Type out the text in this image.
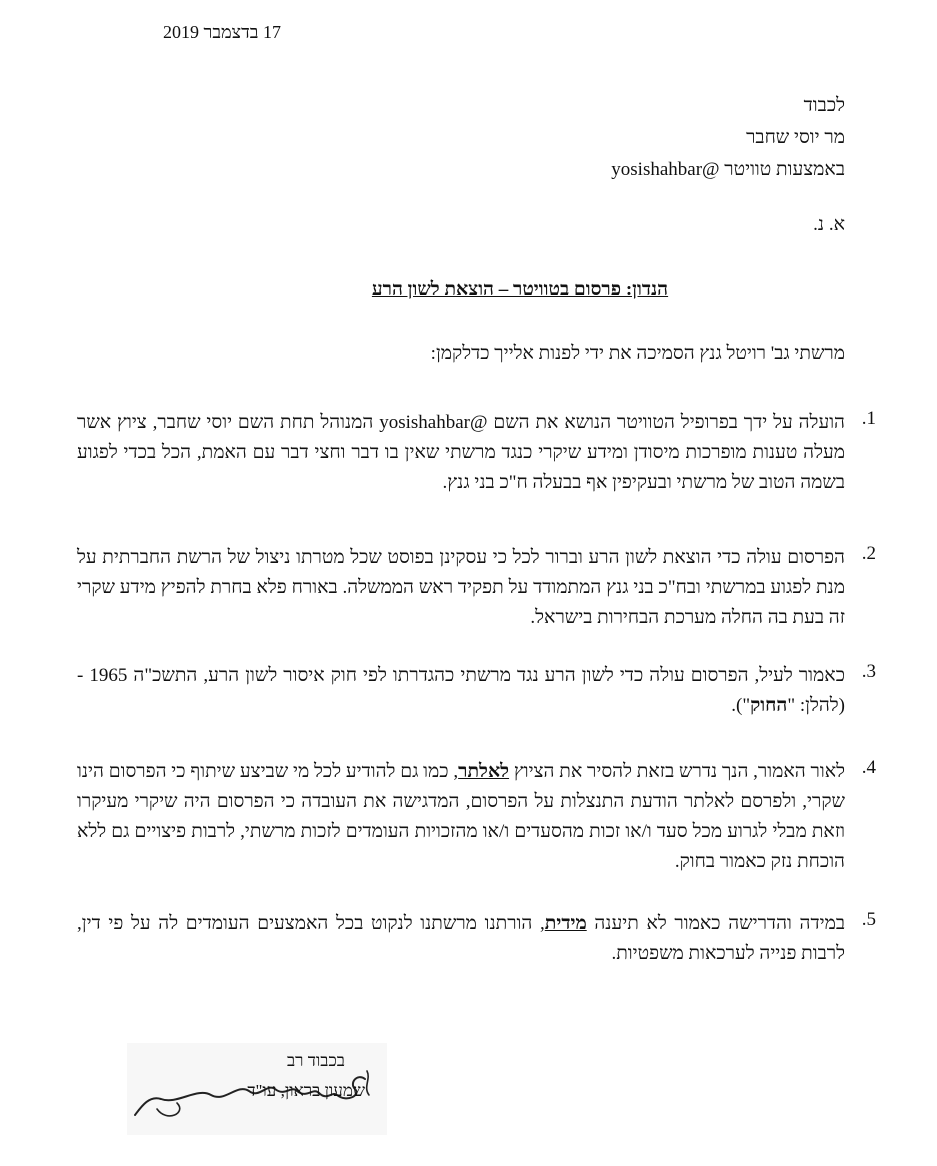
17 בדצמבר 2019
לכבוד
מר יוסי שחבר
באמצעות טוויטר @yosishahbar
א. נ.
הנדון: פרסום בטוויטר – הוצאת לשון הרע
מרשתי גב' רויטל גנץ הסמיכה את ידי לפנות אלייך כדלקמן:
1.
הועלה על ידך בפרופיל הטוויטר הנושא את השם @yosishahbar המנוהל תחת השם יוסי שחבר, ציוץ אשר מעלה טענות מופרכות מיסודן ומידע שיקרי כנגד מרשתי שאין בו דבר וחצי דבר עם האמת, הכל בכדי לפגוע בשמה הטוב של מרשתי ובעקיפין אף בבעלה ח"כ בני גנץ.
2.
הפרסום עולה כדי הוצאת לשון הרע וברור לכל כי עסקינן בפוסט שכל מטרתו ניצול של הרשת החברתית על מנת לפגוע במרשתי ובח"כ בני גנץ המתמודד על תפקיד ראש הממשלה. באורח פלא בחרת להפיץ מידע שקרי זה בעת בה החלה מערכת הבחירות בישראל.
3.
כאמור לעיל, הפרסום עולה כדי לשון הרע נגד מרשתי כהגדרתו לפי חוק איסור לשון הרע, התשכ"ה 1965 -(להלן: "החוק").
4.
לאור האמור, הנך נדרש בזאת להסיר את הציוץ לאלתר, כמו גם להודיע לכל מי שביצע שיתוף כי הפרסום הינו שקרי, ולפרסם לאלתר הודעת התנצלות על הפרסום, המדגישה את העובדה כי הפרסום היה שיקרי מעיקרו וזאת מבלי לגרוע מכל סעד ו/או זכות מהסעדים ו/או מהזכויות העומדים לזכות מרשתי, לרבות פיצויים גם ללא הוכחת נזק כאמור בחוק.
5.
במידה והדרישה כאמור לא תיענה מידית, הורתנו מרשתנו לנקוט בכל האמצעים העומדים לה על פי דין, לרבות פנייה לערכאות משפטיות.
בכבוד רב
שמעון בראון, עו"ד
